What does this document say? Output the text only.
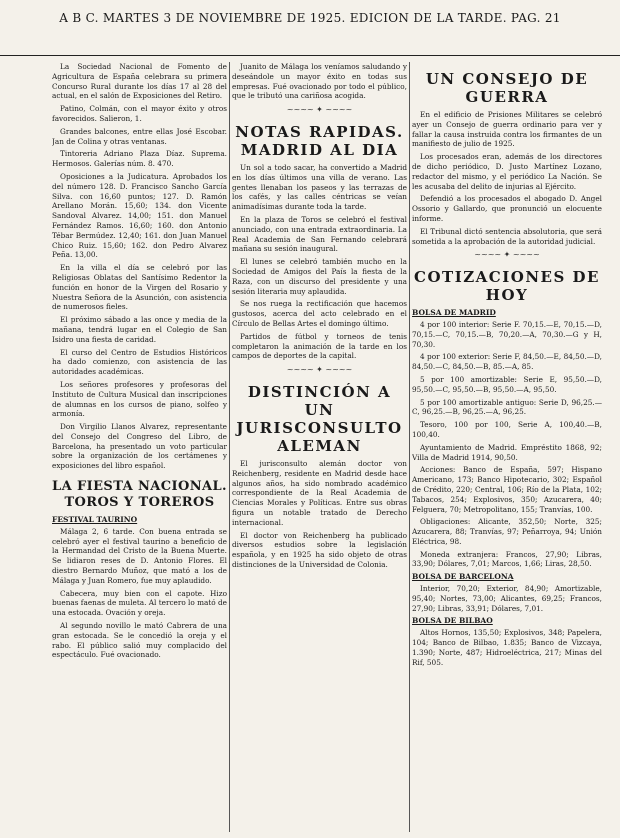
A B C. MARTES 3 DE NOVIEMBRE DE 1925. EDICION DE LA TARDE. PAG. 21

La Sociedad Nacional de Fomento de Agricultura de España celebrara su primera Concurso Rural durante los días 17 al 28 del actual, en el salón de Exposiciones del Retiro.

Patino, Colmán, con el mayor éxito y otros favorecidos. Salieron, 1.

Grandes balcones, entre ellas José Escobar. Jan de Colina y otras ventanas.

Tintoreria Adriano Plaza Díaz. Suprema. Hermosos. Galerías núm. 8. 470.

Oposiciones a la Judicatura. Aprobados los del número 128. D. Francisco Sancho García Silva. con 16,60 puntos; 127. D. Ramón Arellano Morán. 15,60; 134. don Vicente Sandoval Alvarez. 14,00; 151. don Manuel Fernández Ramos. 16,60; 160. don Antonio Tébar Bermúdez. 12,40; 161. don Juan Manuel Chico Ruiz. 15,60; 162. don Pedro Alvarez Peña. 13,00.

En la villa el día se celebró por las Religiosas Oblatas del Santísimo Redentor la función en honor de la Virgen del Rosario y Nuestra Señora de la Asunción, con asistencia de numerosos fieles.

El próximo sábado a las once y media de la mañana, tendrá lugar en el Colegio de San Isidro una fiesta de caridad.

El curso del Centro de Estudios Históricos ha dado comienzo, con asistencia de las autoridades académicas.

Los señores profesores y profesoras del Instituto de Cultura Musical dan inscripciones de alumnas en los cursos de piano, solfeo y armonía.

Don Virgilio Llanos Alvarez, representante del Consejo del Congreso del Libro, de Barcelona, ha presentado un voto particular sobre la organización de los certámenes y exposiciones del libro español.

LA FIESTA NACIONAL. TOROS Y TOREROS
FESTIVAL TAURINO

Málaga 2, 6 tarde. Con buena entrada se celebró ayer el festival taurino a beneficio de la Hermandad del Cristo de la Buena Muerte. Se lidiaron reses de D. Antonio Flores. El diestro Bernardo Muñoz, que mató a los de Málaga y Juan Romero, fue muy aplaudido.

Cabecera, muy bien con el capote. Hizo buenas faenas de muleta. Al tercero lo mató de una estocada. Ovación y oreja.

Al segundo novillo le mató Cabrera de una gran estocada. Se le concedió la oreja y el rabo. El público salió muy complacido del espectáculo. Fué ovacionado.

Juanito de Málaga los veníamos saludando y deseándole un mayor éxito en todas sus empresas. Fué ovacionado por todo el público, que le tributó una cariñosa acogida.

~~~~ ✦ ~~~~
NOTAS RAPIDAS. MADRID AL DIA

Un sol a todo sacar, ha convertido a Madrid en los días últimos una villa de verano. Las gentes llenaban los paseos y las terrazas de los cafés, y las calles céntricas se veían animadísimas durante toda la tarde.

En la plaza de Toros se celebró el festival anunciado, con una entrada extraordinaria. La Real Academia de San Fernando celebrará mañana su sesión inaugural.

El lunes se celebró también mucho en la Sociedad de Amigos del País la fiesta de la Raza, con un discurso del presidente y una sesión literaria muy aplaudida.

Se nos ruega la rectificación que hacemos gustosos, acerca del acto celebrado en el Círculo de Bellas Artes el domingo último.

Partidos de fútbol y torneos de tenis completaron la animación de la tarde en los campos de deportes de la capital.

~~~~ ✦ ~~~~
DISTINCIÓN A UN JURISCONSULTO ALEMAN

El jurisconsulto alemán doctor von Reichenberg, residente en Madrid desde hace algunos años, ha sido nombrado académico correspondiente de la Real Academia de Ciencias Morales y Políticas. Entre sus obras figura un notable tratado de Derecho internacional.

El doctor von Reichenberg ha publicado diversos estudios sobre la legislación española, y en 1925 ha sido objeto de otras distinciones de la Universidad de Colonia.

UN CONSEJO DE GUERRA

En el edificio de Prisiones Militares se celebró ayer un Consejo de guerra ordinario para ver y fallar la causa instruida contra los firmantes de un manifiesto de julio de 1925.

Los procesados eran, además de los directores de dicho periódico, D. Justo Martínez Lozano, redactor del mismo, y el periódico La Nación. Se les acusaba del delito de injurias al Ejército.

Defendió a los procesados el abogado D. Angel Ossorio y Gallardo, que pronunció un elocuente informe.

El Tribunal dictó sentencia absolutoria, que será sometida a la aprobación de la autoridad judicial.

~~~~ ✦ ~~~~
COTIZACIONES DE HOY
BOLSA DE MADRID

4 por 100 interior: Serie F. 70,15.—E, 70,15.—D, 70,15.—C, 70,15.—B, 70,20.—A, 70,30.—G y H, 70,30.

4 por 100 exterior: Serie F, 84,50.—E, 84,50.—D, 84,50.—C, 84,50.—B, 85.—A, 85.

5 por 100 amortizable: Serie E, 95,50.—D, 95,50.—C, 95,50.—B, 95,50.—A, 95,50.

5 por 100 amortizable antiguo: Serie D, 96,25.—C, 96,25.—B, 96,25.—A, 96,25.

Tesoro, 100 por 100, Serie A, 100,40.—B, 100,40.

Ayuntamiento de Madrid. Empréstito 1868, 92; Villa de Madrid 1914, 90,50.

Acciones: Banco de España, 597; Hispano Americano, 173; Banco Hipotecario, 302; Español de Crédito, 220; Central, 106; Río de la Plata, 102; Tabacos, 254; Explosivos, 350; Azucarera, 40; Felguera, 70; Metropolitano, 155; Tranvías, 100.

Obligaciones: Alicante, 352,50; Norte, 325; Azucarera, 88; Tranvías, 97; Peñarroya, 94; Unión Eléctrica, 98.

Moneda extranjera: Francos, 27,90; Libras, 33,90; Dólares, 7,01; Marcos, 1,66; Liras, 28,50.

BOLSA DE BARCELONA

Interior, 70,20; Exterior, 84,90; Amortizable, 95,40; Nortes, 73,00; Alicantes, 69,25; Francos, 27,90; Libras, 33,91; Dólares, 7,01.

BOLSA DE BILBAO

Altos Hornos, 135,50; Explosivos, 348; Papelera, 104; Banco de Bilbao, 1.835; Banco de Vizcaya, 1.390; Norte, 487; Hidroeléctrica, 217; Minas del Rif, 505.
